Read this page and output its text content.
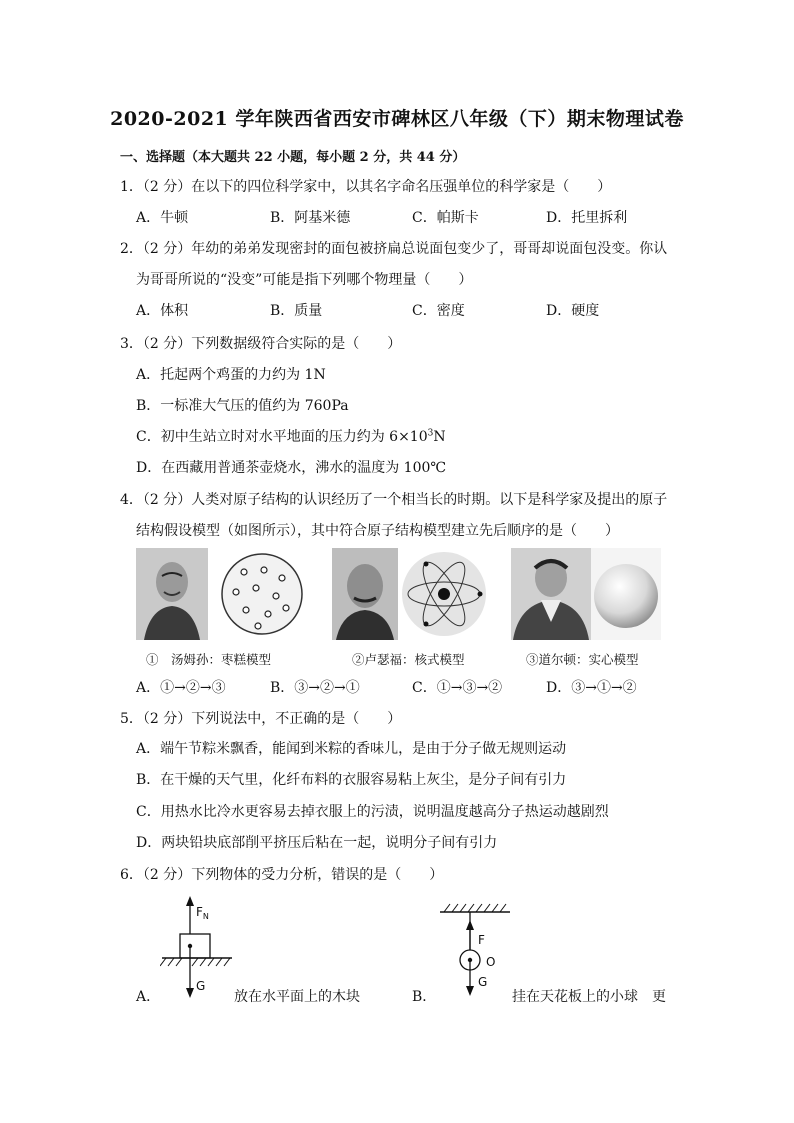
2020-2021 学年陕西省西安市碑林区八年级（下）期末物理试卷
一、选择题（本大题共 22 小题，每小题 2 分，共 44 分）
1．（2 分）在以下的四位科学家中，以其名字命名压强单位的科学家是（　　）
A．牛顿	B．阿基米德	C．帕斯卡	D．托里拆利
2．（2 分）年幼的弟弟发现密封的面包被挤扁总说面包变少了，哥哥却说面包没变。你认
为哥哥所说的“没变”可能是指下列哪个物理量（　　）
A．体积	B．质量	C．密度	D．硬度
3．（2 分）下列数据级符合实际的是（　　）
A．托起两个鸡蛋的力约为 1N
B．一标准大气压的值约为 760Pa
C．初中生站立时对水平地面的压力约为 $6\times 10^3N$
D．在西藏用普通茶壶烧水，沸水的温度为 100℃
4．（2 分）人类对原子结构的认识经历了一个相当长的时期。以下是科学家及提出的原子
结构假设模型（如图所示），其中符合原子结构模型建立先后顺序的是（　　）
①　汤姆孙：枣糕模型	②卢瑟福：核式模型	③道尔顿：实心模型
A．①→②→③	B．③→②→①	C．①→③→②	D．③→①→②
5．（2 分）下列说法中，不正确的是（　　）
A．端午节粽米飘香，能闻到米粽的香味儿，是由于分子做无规则运动
B．在干燥的天气里，化纤布料的衣服容易粘上灰尘，是分子间有引力
C．用热水比冷水更容易去掉衣服上的污渍，说明温度越高分子热运动越剧烈
D．两块铅块底部削平挤压后粘在一起，说明分子间有引力
6．（2 分）下列物体的受力分析，错误的是（　　）
$F_N$
G
A．	放在水平面上的木块
F
O
G
B．	挂在天花板上的小球　更
